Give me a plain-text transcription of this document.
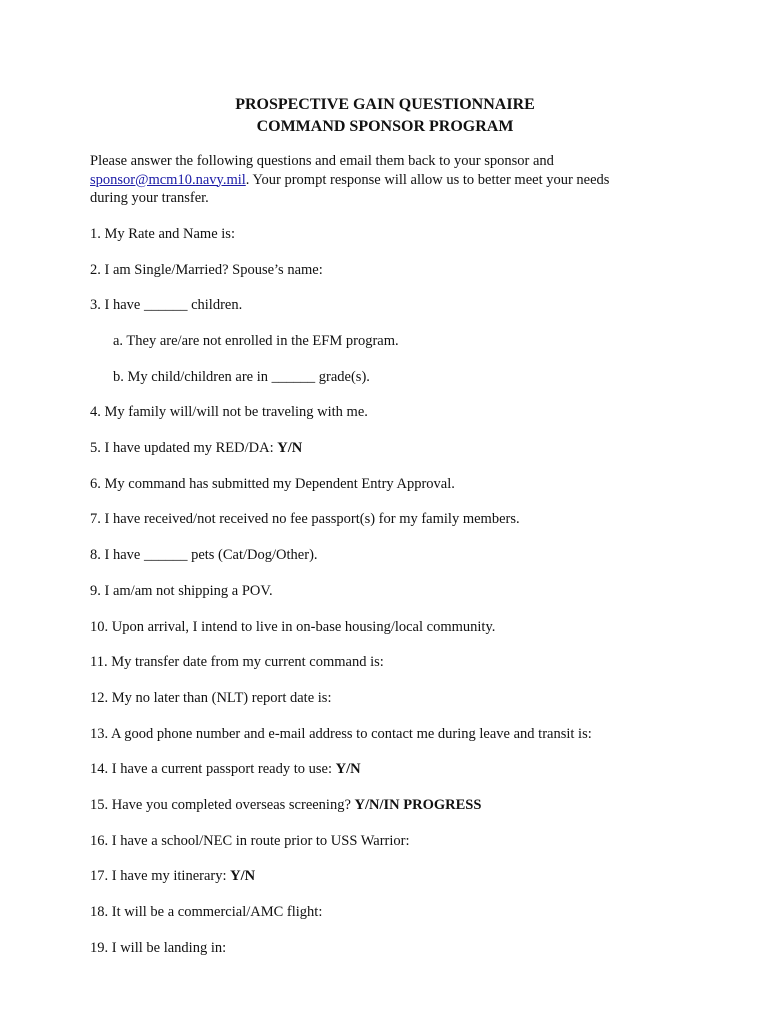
PROSPECTIVE GAIN QUESTIONNAIRE
COMMAND SPONSOR PROGRAM
Please answer the following questions and email them back to your sponsor and
sponsor@mcm10.navy.mil. Your prompt response will allow us to better meet your needs
during your transfer.
1. My Rate and Name is:
2. I am Single/Married? Spouse’s name:
3. I have ______ children.
a. They are/are not enrolled in the EFM program.
b. My child/children are in ______ grade(s).
4. My family will/will not be traveling with me.
5. I have updated my RED/DA: Y/N
6. My command has submitted my Dependent Entry Approval.
7. I have received/not received no fee passport(s) for my family members.
8. I have ______ pets (Cat/Dog/Other).
9. I am/am not shipping a POV.
10. Upon arrival, I intend to live in on-base housing/local community.
11. My transfer date from my current command is:
12. My no later than (NLT) report date is:
13. A good phone number and e-mail address to contact me during leave and transit is:
14. I have a current passport ready to use: Y/N
15. Have you completed overseas screening? Y/N/IN PROGRESS
16. I have a school/NEC in route prior to USS Warrior:
17. I have my itinerary: Y/N
18. It will be a commercial/AMC flight:
19. I will be landing in:
